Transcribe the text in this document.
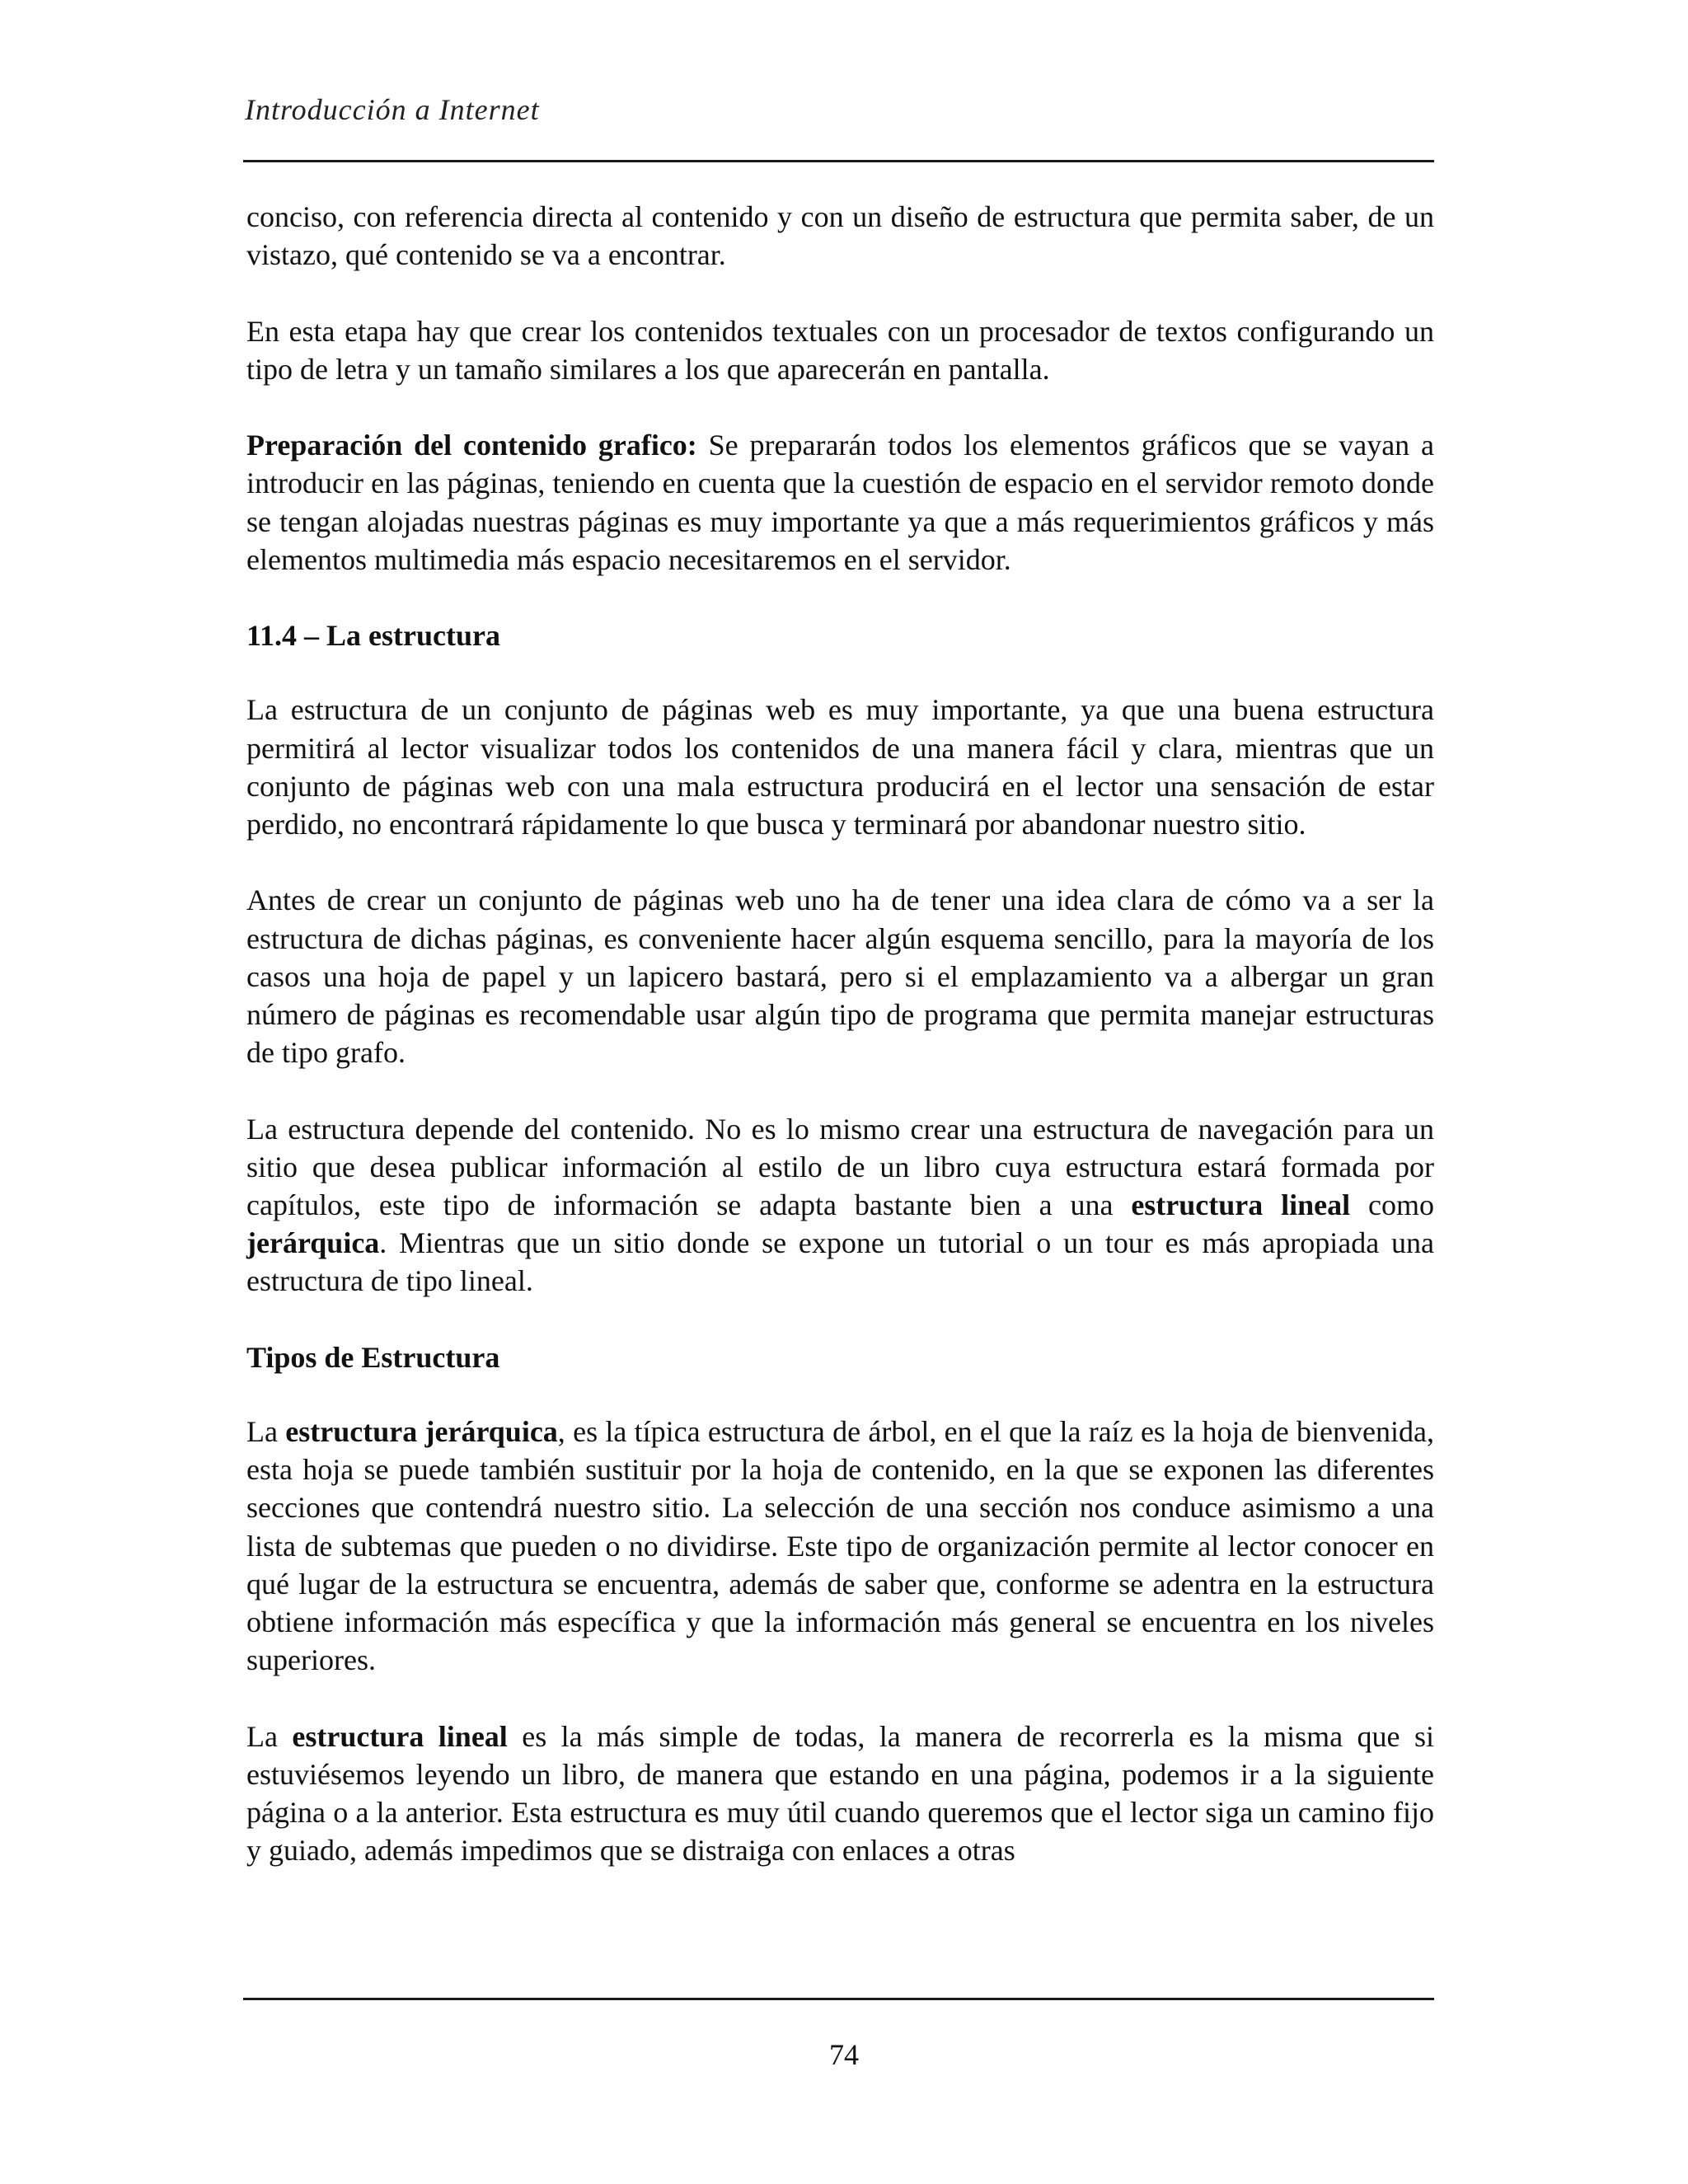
Introducción a Internet

conciso, con referencia directa al contenido y con un diseño de estructura que permita saber, de un vistazo, qué contenido se va a encontrar.

En esta etapa hay que crear los contenidos textuales con un procesador de textos configurando un tipo de letra y un tamaño similares a los que aparecerán en pantalla.

Preparación del contenido grafico: Se prepararán todos los elementos gráficos que se vayan a introducir en las páginas, teniendo en cuenta que la cuestión de espacio en el servidor remoto donde se tengan alojadas nuestras páginas es muy importante ya que a más requerimientos gráficos y más elementos multimedia más espacio necesitaremos en el servidor.

11.4 – La estructura

La estructura de un conjunto de páginas web es muy importante, ya que una buena estructura permitirá al lector visualizar todos los contenidos de una manera fácil y clara, mientras que un conjunto de páginas web con una mala estructura producirá en el lector una sensación de estar perdido, no encontrará rápidamente lo que busca y terminará por abandonar nuestro sitio.

Antes de crear un conjunto de páginas web uno ha de tener una idea clara de cómo va a ser la estructura de dichas páginas, es conveniente hacer algún esquema sencillo, para la mayoría de los casos una hoja de papel y un lapicero bastará, pero si el emplazamiento va a albergar un gran número de páginas es recomendable usar algún tipo de programa que permita manejar estructuras de tipo grafo.

La estructura depende del contenido. No es lo mismo crear una estructura de navegación para un sitio que desea publicar información al estilo de un libro cuya estructura estará formada por capítulos, este tipo de información se adapta bastante bien a una estructura lineal como jerárquica. Mientras que un sitio donde se expone un tutorial o un tour es más apropiada una estructura de tipo lineal.

Tipos de Estructura

La estructura jerárquica, es la típica estructura de árbol, en el que la raíz es la hoja de bienvenida, esta hoja se puede también sustituir por la hoja de contenido, en la que se exponen las diferentes secciones que contendrá nuestro sitio. La selección de una sección nos conduce asimismo a una lista de subtemas que pueden o no dividirse. Este tipo de organización permite al lector conocer en qué lugar de la estructura se encuentra, además de saber que, conforme se adentra en la estructura obtiene información más específica y que la información más general se encuentra en los niveles superiores.

La estructura lineal es la más simple de todas, la manera de recorrerla es la misma que si estuviésemos leyendo un libro, de manera que estando en una página, podemos ir a la siguiente página o a la anterior. Esta estructura es muy útil cuando queremos que el lector siga un camino fijo y guiado, además impedimos que se distraiga con enlaces a otras

74
